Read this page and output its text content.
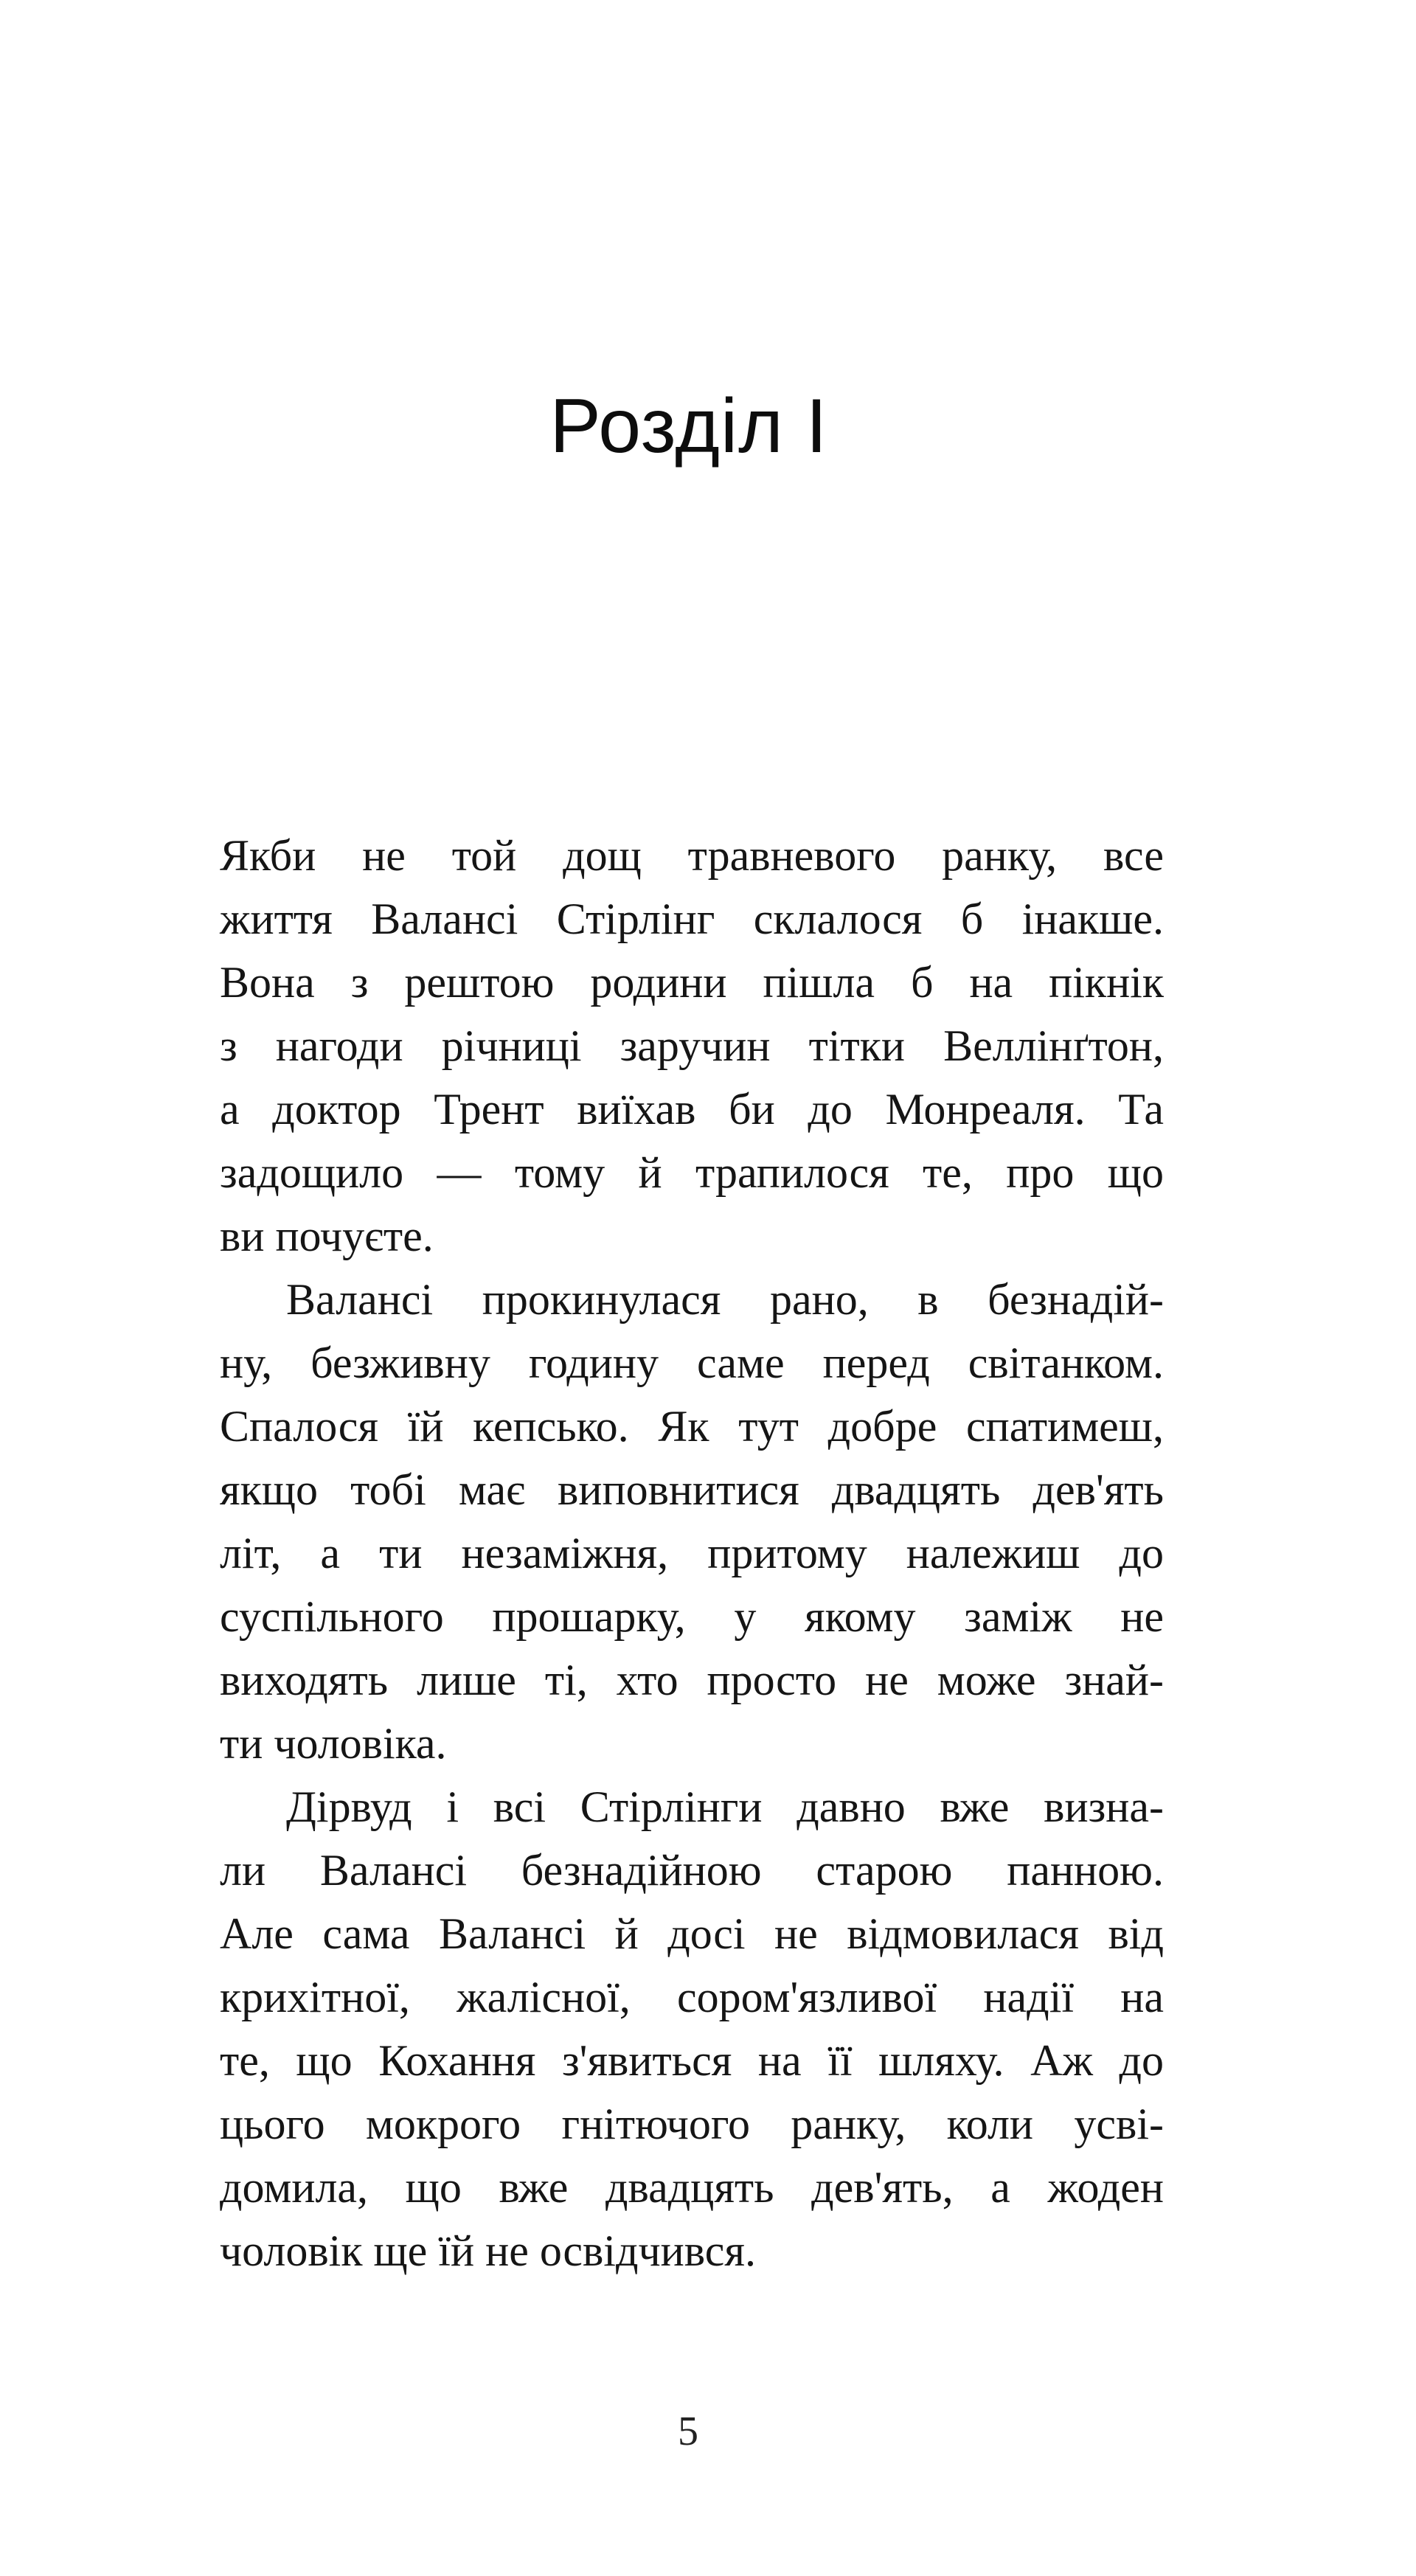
Розділ I
Якби не той дощ травневого ранку, все
життя Валансі Стірлінг склалося б інакше.
Вона з рештою родини пішла б на пікнік
з нагоди річниці заручин тітки Веллінґтон,
а доктор Трент виїхав би до Монреаля. Та
задощило — тому й трапилося те, про що
ви почуєте.
Валансі прокинулася рано, в безнадій-
ну, безживну годину саме перед світанком.
Спалося їй кепсько. Як тут добре спатимеш,
якщо тобі має виповнитися двадцять дев'ять
літ, а ти незаміжня, притому належиш до
суспільного прошарку, у якому заміж не
виходять лише ті, хто просто не може знай-
ти чоловіка.
Дірвуд і всі Стірлінги давно вже визна-
ли Валансі безнадійною старою панною.
Але сама Валансі й досі не відмовилася від
крихітної, жалісної, сором'язливої надії на
те, що Кохання з'явиться на її шляху. Аж до
цього мокрого гнітючого ранку, коли усві-
домила, що вже двадцять дев'ять, а жоден
чоловік ще їй не освідчився.
5
